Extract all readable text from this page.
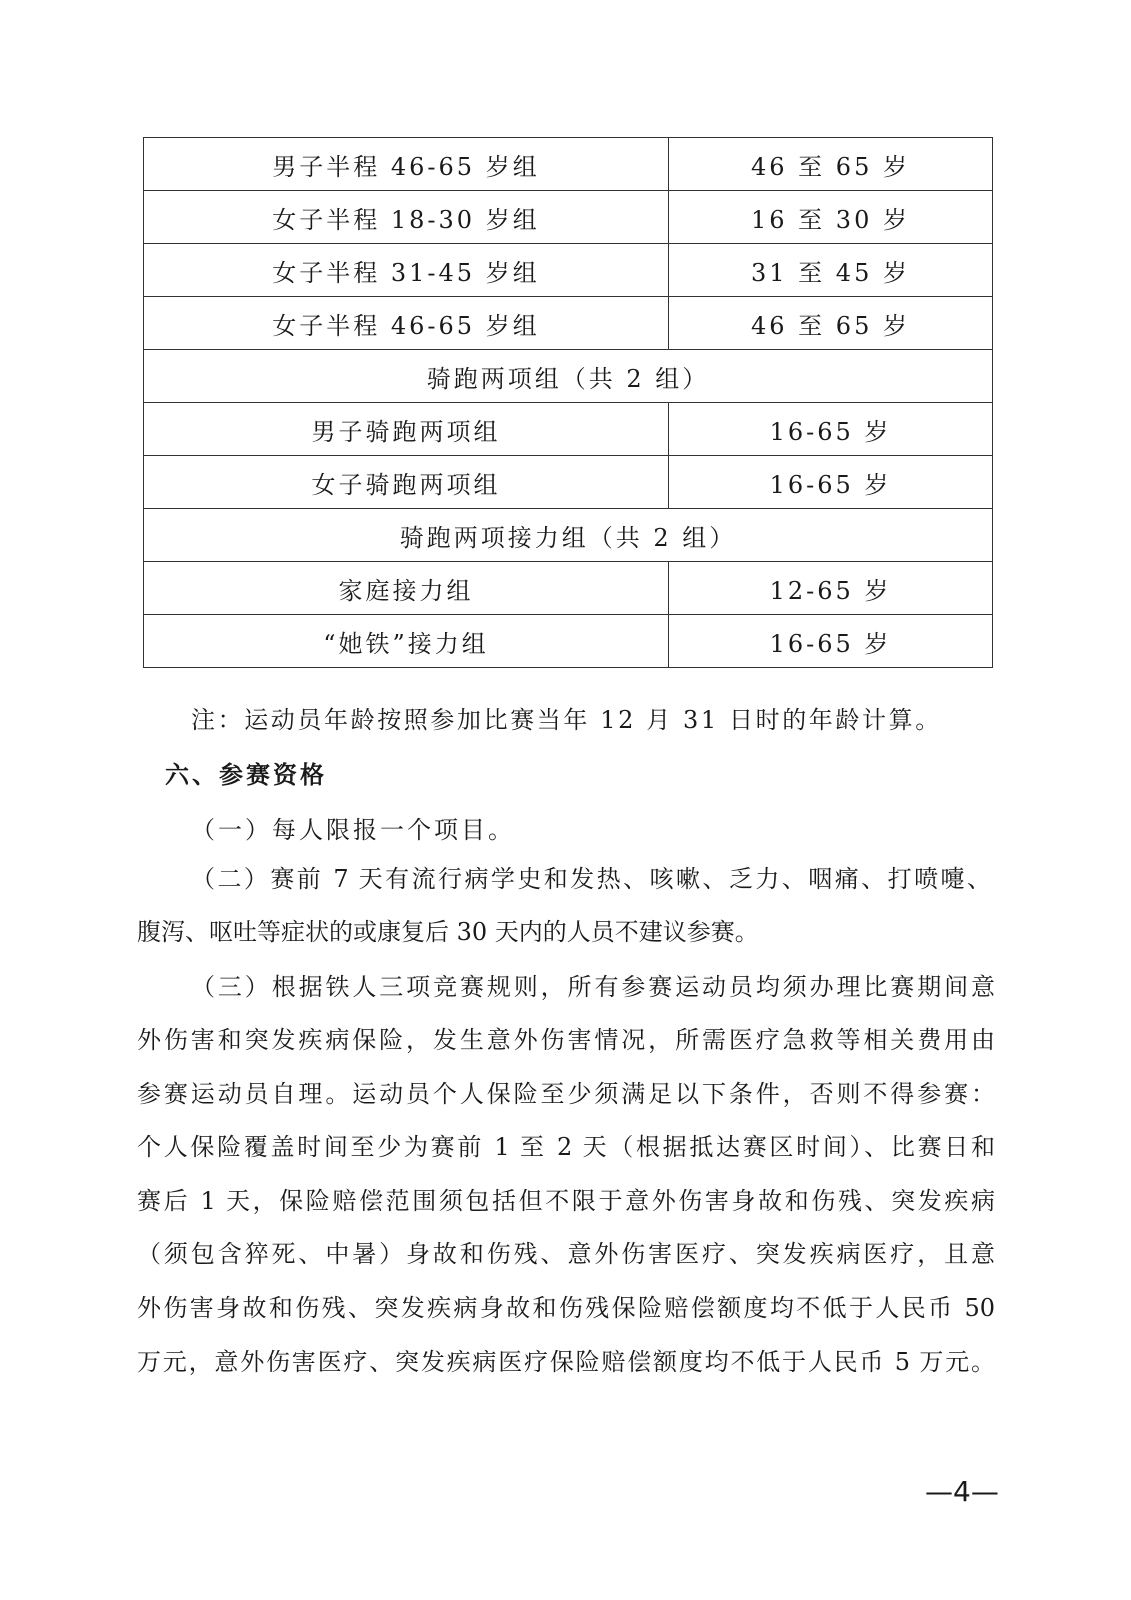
男子半程 46-65 岁组	46 至 65 岁
女子半程 18-30 岁组	16 至 30 岁
女子半程 31-45 岁组	31 至 45 岁
女子半程 46-65 岁组	46 至 65 岁
骑跑两项组（共 2 组）	
男子骑跑两项组	16-65 岁
女子骑跑两项组	16-65 岁
骑跑两项接力组（共 2 组）	
家庭接力组	12-65 岁
“她铁”接力组	16-65 岁
注：运动员年龄按照参加比赛当年 12 月 31 日时的年龄计算。
六、参赛资格
（一）每人限报一个项目。
（二）赛前 7 天有流行病学史和发热、咳嗽、乏力、咽痛、打喷嚏、
腹泻、呕吐等症状的或康复后 30 天内的人员不建议参赛。
（三）根据铁人三项竞赛规则，所有参赛运动员均须办理比赛期间意
外伤害和突发疾病保险，发生意外伤害情况，所需医疗急救等相关费用由
参赛运动员自理。运动员个人保险至少须满足以下条件，否则不得参赛：
个人保险覆盖时间至少为赛前 1 至 2 天（根据抵达赛区时间）、比赛日和
赛后 1 天，保险赔偿范围须包括但不限于意外伤害身故和伤残、突发疾病
（须包含猝死、中暑）身故和伤残、意外伤害医疗、突发疾病医疗，且意
外伤害身故和伤残、突发疾病身故和伤残保险赔偿额度均不低于人民币 50
万元，意外伤害医疗、突发疾病医疗保险赔偿额度均不低于人民币 5 万元。
—4—
